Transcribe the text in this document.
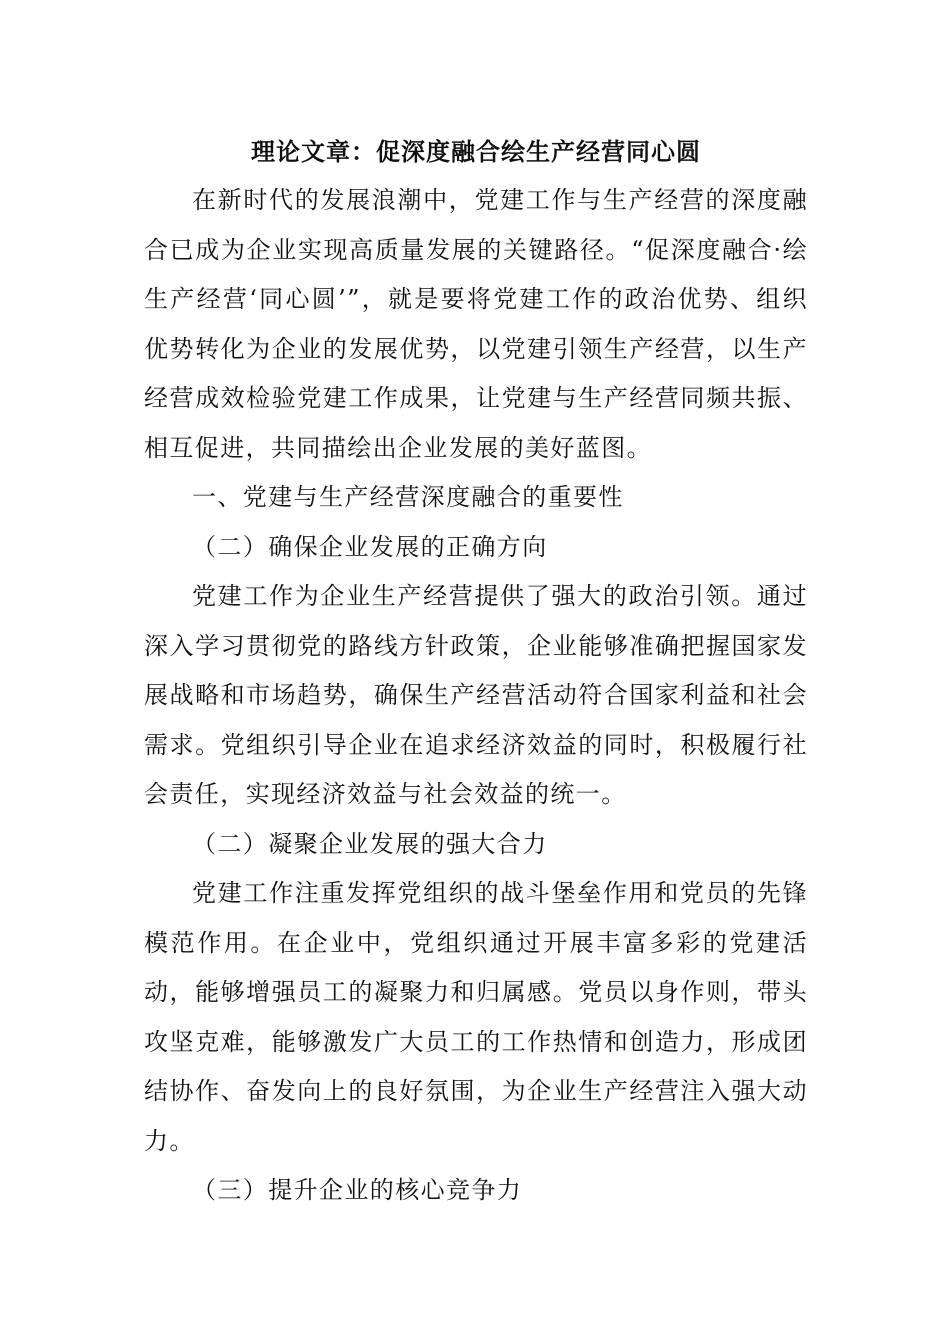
理论文章：促深度融合绘生产经营同心圆

在新时代的发展浪潮中，党建工作与生产经营的深度融合已成为企业实现高质量发展的关键路径。“促深度融合·绘生产经营‘同心圆’”，就是要将党建工作的政治优势、组织优势转化为企业的发展优势，以党建引领生产经营，以生产经营成效检验党建工作成果，让党建与生产经营同频共振、相互促进，共同描绘出企业发展的美好蓝图。

一、党建与生产经营深度融合的重要性

（二）确保企业发展的正确方向

党建工作为企业生产经营提供了强大的政治引领。通过深入学习贯彻党的路线方针政策，企业能够准确把握国家发展战略和市场趋势，确保生产经营活动符合国家利益和社会需求。党组织引导企业在追求经济效益的同时，积极履行社会责任，实现经济效益与社会效益的统一。

（二）凝聚企业发展的强大合力

党建工作注重发挥党组织的战斗堡垒作用和党员的先锋模范作用。在企业中，党组织通过开展丰富多彩的党建活动，能够增强员工的凝聚力和归属感。党员以身作则，带头攻坚克难，能够激发广大员工的工作热情和创造力，形成团结协作、奋发向上的良好氛围，为企业生产经营注入强大动力。

（三）提升企业的核心竞争力
